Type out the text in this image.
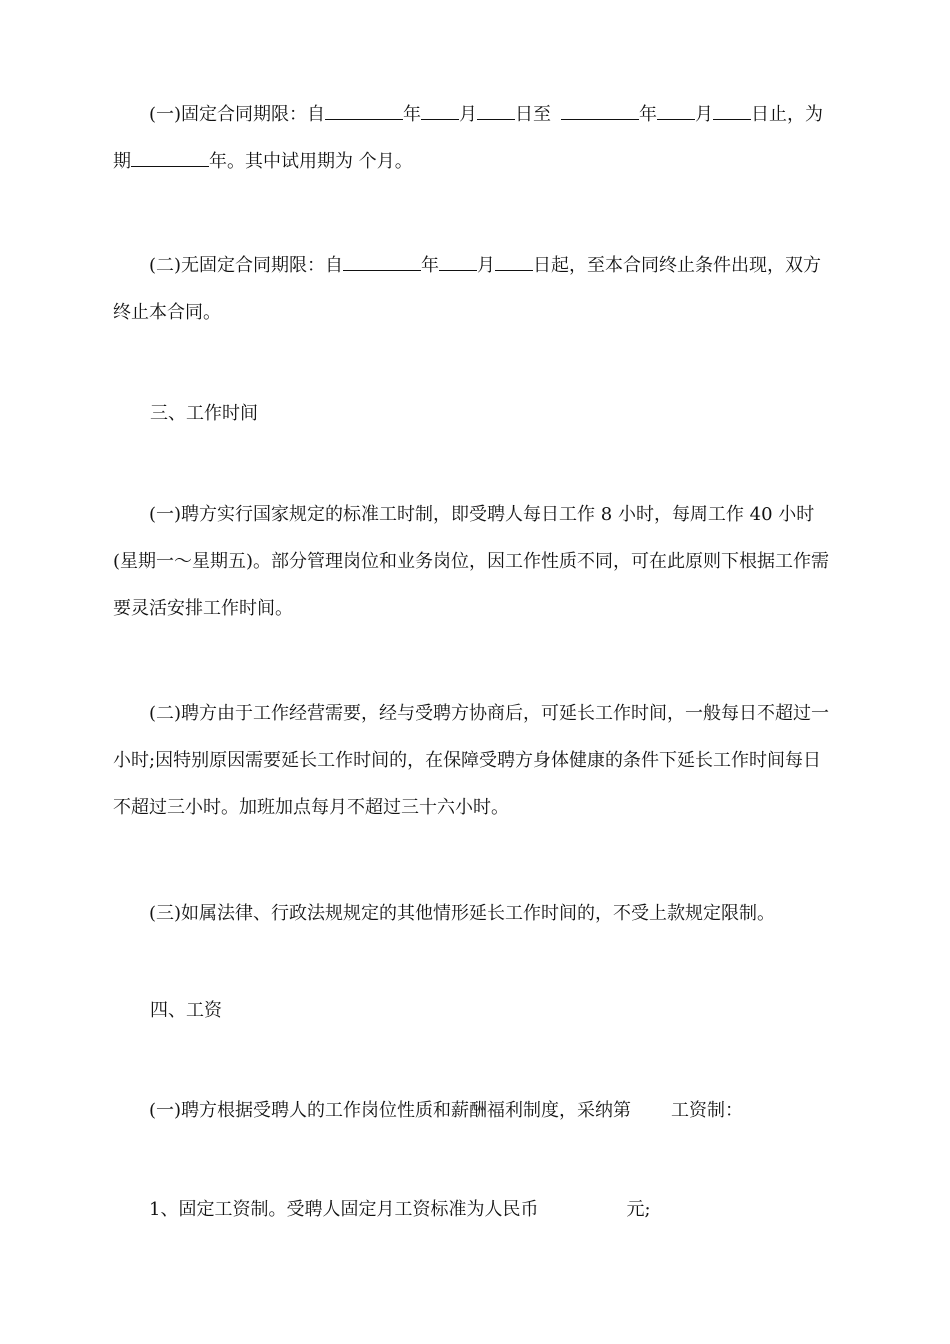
(一)固定合同期限：自	年 月 日至	年 月 日止，为期	年。其中试用期为 个月。

(二)无固定合同期限：自	年 月 日起，至本合同终止条件出现，双方终止本合同。

三、工作时间

(一)聘方实行国家规定的标准工时制，即受聘人每日工作 8 小时，每周工作 40 小时(星期一～星期五)。部分管理岗位和业务岗位，因工作性质不同，可在此原则下根据工作需要灵活安排工作时间。

(二)聘方由于工作经营需要，经与受聘方协商后，可延长工作时间，一般每日不超过一小时;因特别原因需要延长工作时间的，在保障受聘方身体健康的条件下延长工作时间每日不超过三小时。加班加点每月不超过三十六小时。

(三)如属法律、行政法规规定的其他情形延长工作时间的，不受上款规定限制。

四、工资

(一)聘方根据受聘人的工作岗位性质和薪酬福利制度，采纳第 工资制：

1、固定工资制。受聘人固定月工资标准为人民币	元;
